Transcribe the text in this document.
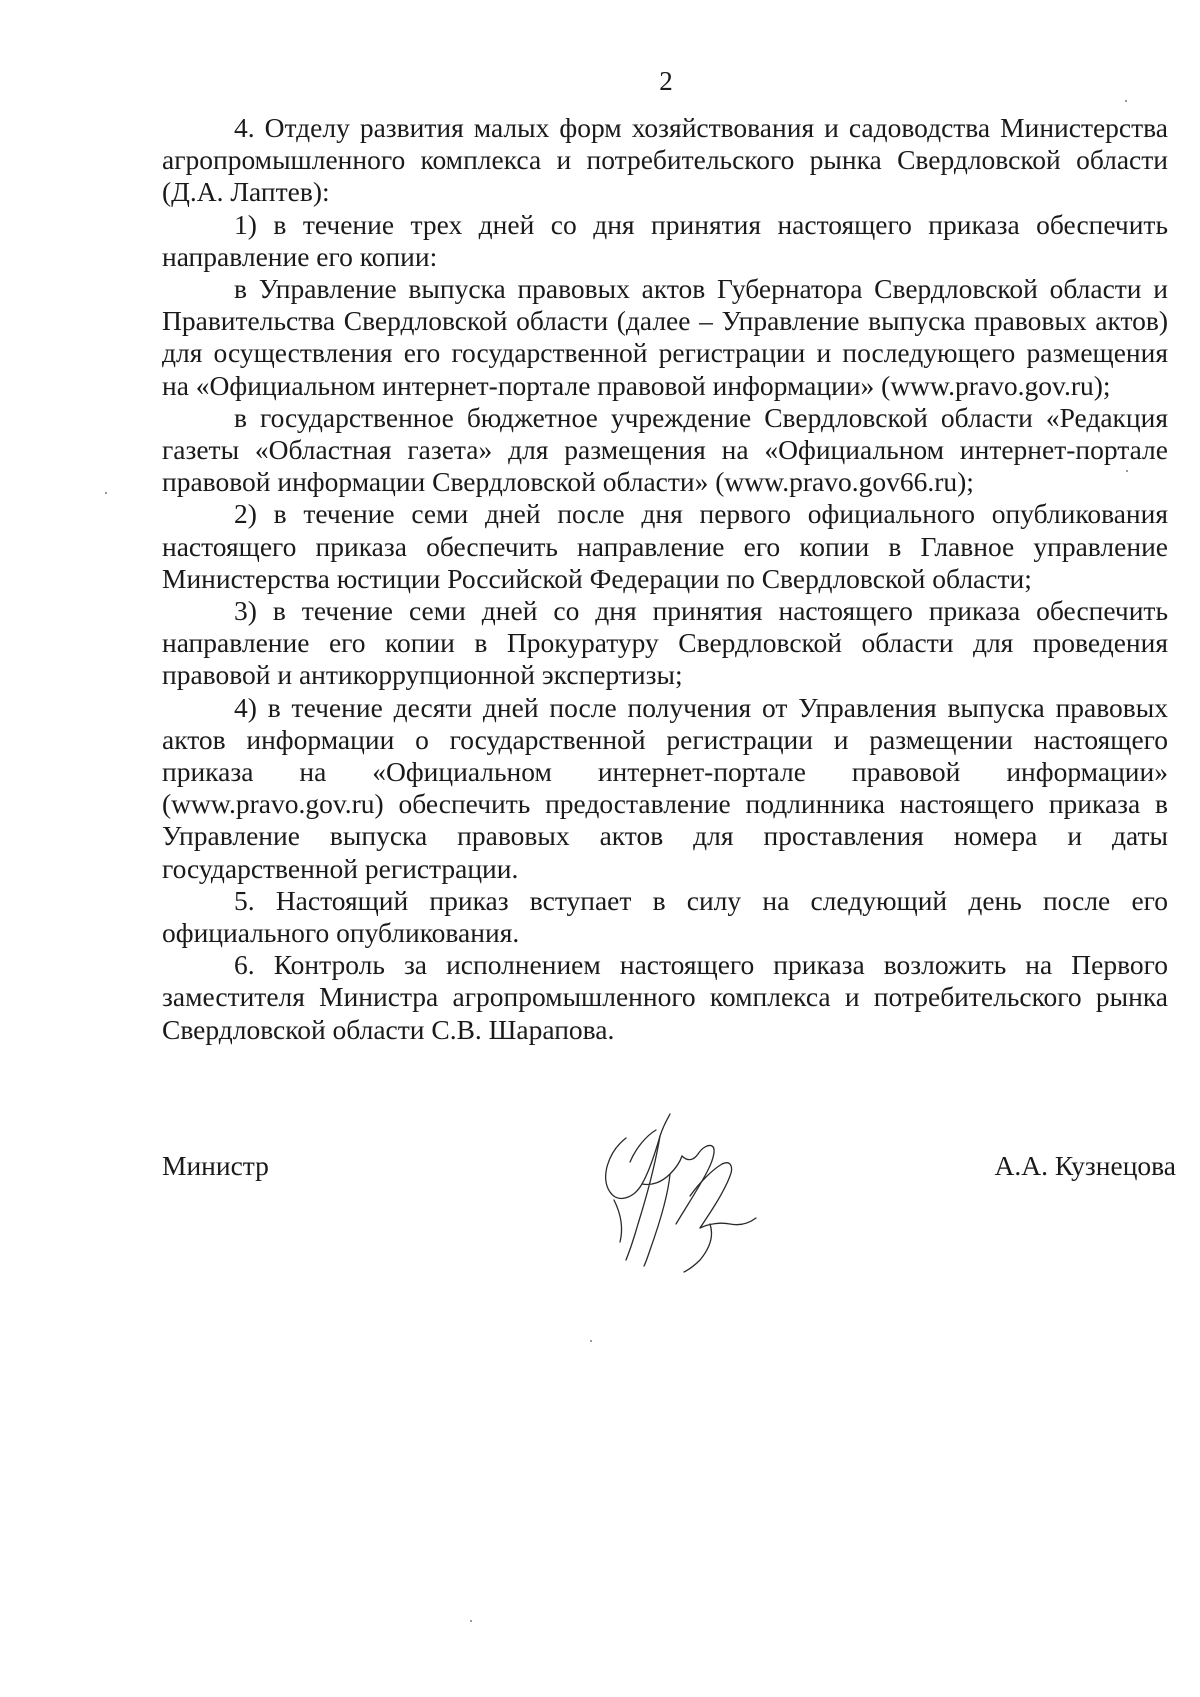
2

4. Отделу развития малых форм хозяйствования и садоводства Министерства агропромышленного комплекса и потребительского рынка Свердловской области (Д.А. Лаптев):

1) в течение трех дней со дня принятия настоящего приказа обеспечить направление его копии:

в Управление выпуска правовых актов Губернатора Свердловской области и Правительства Свердловской области (далее – Управление выпуска правовых актов) для осуществления его государственной регистрации и последующего размещения на «Официальном интернет-портале правовой информации» (www.pravo.gov.ru);

в государственное бюджетное учреждение Свердловской области «Редакция газеты «Областная газета» для размещения на «Официальном интернет-портале правовой информации Свердловской области» (www.pravo.gov66.ru);

2) в течение семи дней после дня первого официального опубликования настоящего приказа обеспечить направление его копии в Главное управление Министерства юстиции Российской Федерации по Свердловской области;

3) в течение семи дней со дня принятия настоящего приказа обеспечить направление его копии в Прокуратуру Свердловской области для проведения правовой и антикоррупционной экспертизы;

4) в течение десяти дней после получения от Управления выпуска правовых актов информации о государственной регистрации и размещении настоящего приказа на «Официальном интернет-портале правовой информации» (www.pravo.gov.ru) обеспечить предоставление подлинника настоящего приказа в Управление выпуска правовых актов для проставления номера и даты государственной регистрации.

5. Настоящий приказ вступает в силу на следующий день после его официального опубликования.

6. Контроль за исполнением настоящего приказа возложить на Первого заместителя Министра агропромышленного комплекса и потребительского рынка Свердловской области С.В. Шарапова.

Министр	А.А. Кузнецова
